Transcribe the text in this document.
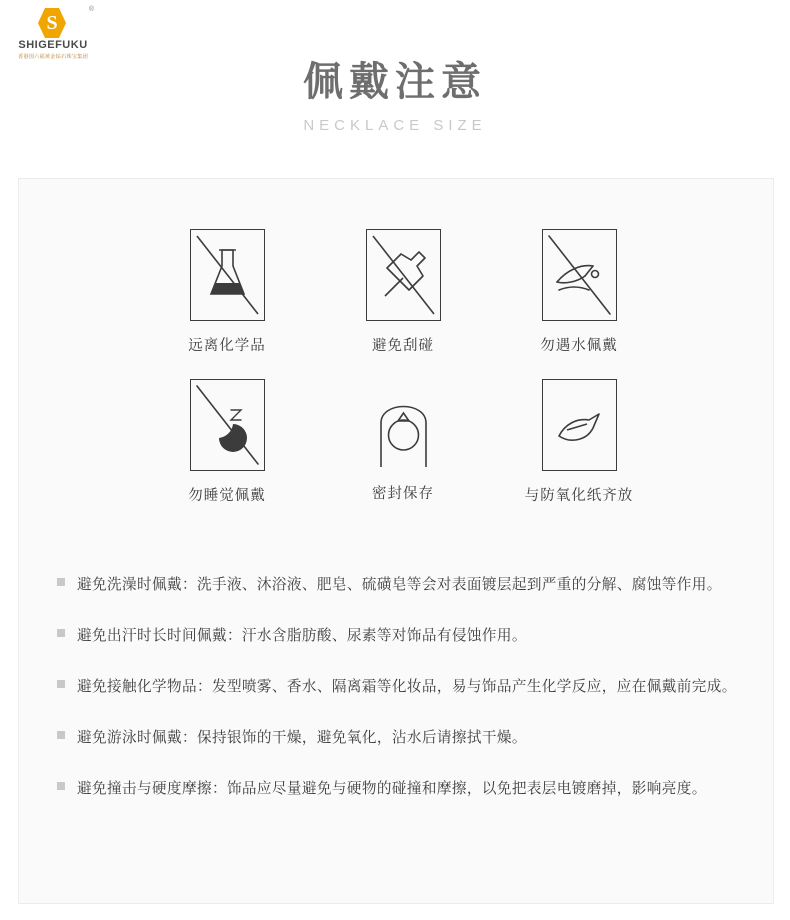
®
S
SHIGEFUKU
香港国六福黄金钻石珠宝集团
佩戴注意
NECKLACE SIZE
远离化学品	避免刮碰	勿遇水佩戴
勿睡觉佩戴	密封保存	与防氧化纸齐放
避免洗澡时佩戴：洗手液、沐浴液、肥皂、硫磺皂等会对表面镀层起到严重的分解、腐蚀等作用。
避免出汗时长时间佩戴：汗水含脂肪酸、尿素等对饰品有侵蚀作用。
避免接触化学物品：发型喷雾、香水、隔离霜等化妆品，易与饰品产生化学反应，应在佩戴前完成。
避免游泳时佩戴：保持银饰的干燥，避免氧化，沾水后请擦拭干燥。
避免撞击与硬度摩擦：饰品应尽量避免与硬物的碰撞和摩擦，以免把表层电镀磨掉，影响亮度。
